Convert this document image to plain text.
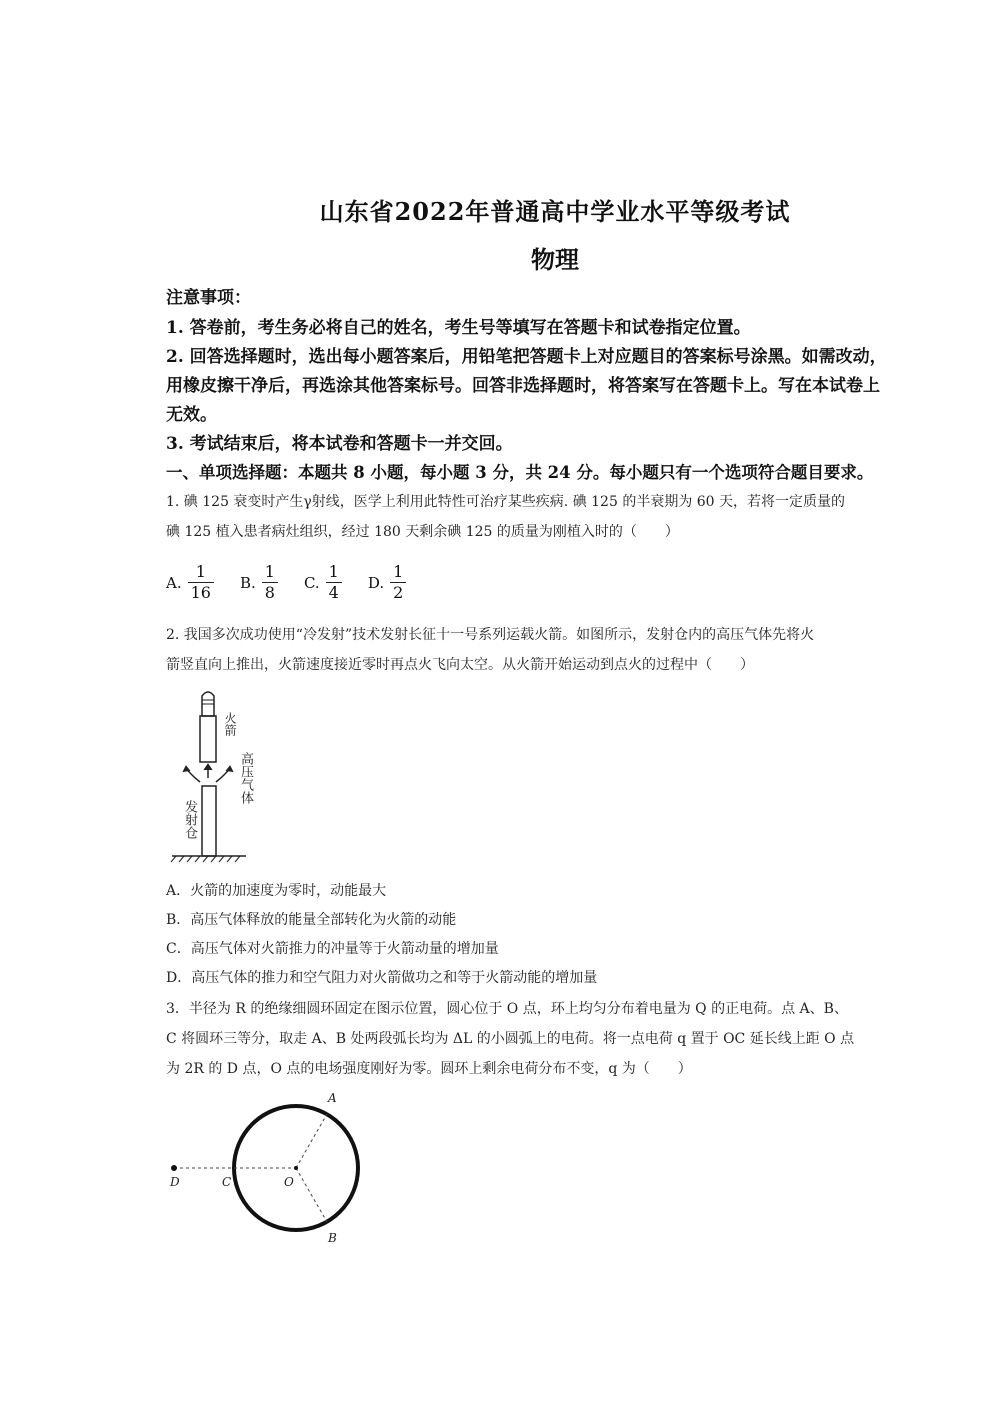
山东省2022年普通高中学业水平等级考试
物理
注意事项：
1. 答卷前，考生务必将自己的姓名，考生号等填写在答题卡和试卷指定位置。
2. 回答选择题时，选出每小题答案后，用铅笔把答题卡上对应题目的答案标号涂黑。如需改动，
用橡皮擦干净后，再选涂其他答案标号。回答非选择题时，将答案写在答题卡上。写在本试卷上
无效。
3. 考试结束后，将本试卷和答题卡一并交回。
一、单项选择题：本题共 8 小题，每小题 3 分，共 24 分。每小题只有一个选项符合题目要求。
1. 碘 125 衰变时产生γ射线，医学上利用此特性可治疗某些疾病. 碘 125 的半衰期为 60 天，若将一定质量的
碘 125 植入患者病灶组织，经过 180 天剩余碘 125 的质量为刚植入时的（　　）
A. $\frac{1}{16} B$. $\frac{1}{8} C$. $\frac{1}{4} D$. $\frac{1}{2}$
2. 我国多次成功使用“冷发射”技术发射长征十一号系列运载火箭。如图所示，发射仓内的高压气体先将火
箭竖直向上推出，火箭速度接近零时再点火飞向太空。从火箭开始运动到点火的过程中（　　）
火箭
高压气体
发射仓
A．火箭的加速度为零时，动能最大
B．高压气体释放的能量全部转化为火箭的动能
C．高压气体对火箭推力的冲量等于火箭动量的增加量
D．高压气体的推力和空气阻力对火箭做功之和等于火箭动能的增加量
3．半径为 R 的绝缘细圆环固定在图示位置，圆心位于 O 点，环上均匀分布着电量为 Q 的正电荷。点 A、B、
C 将圆环三等分，取走 A、B 处两段弧长均为 ΔL 的小圆弧上的电荷。将一点电荷 q 置于 OC 延长线上距 O 点
为 2R 的 D 点，O 点的电场强度刚好为零。圆环上剩余电荷分布不变，q 为（　　）
A
B
C
D	O
